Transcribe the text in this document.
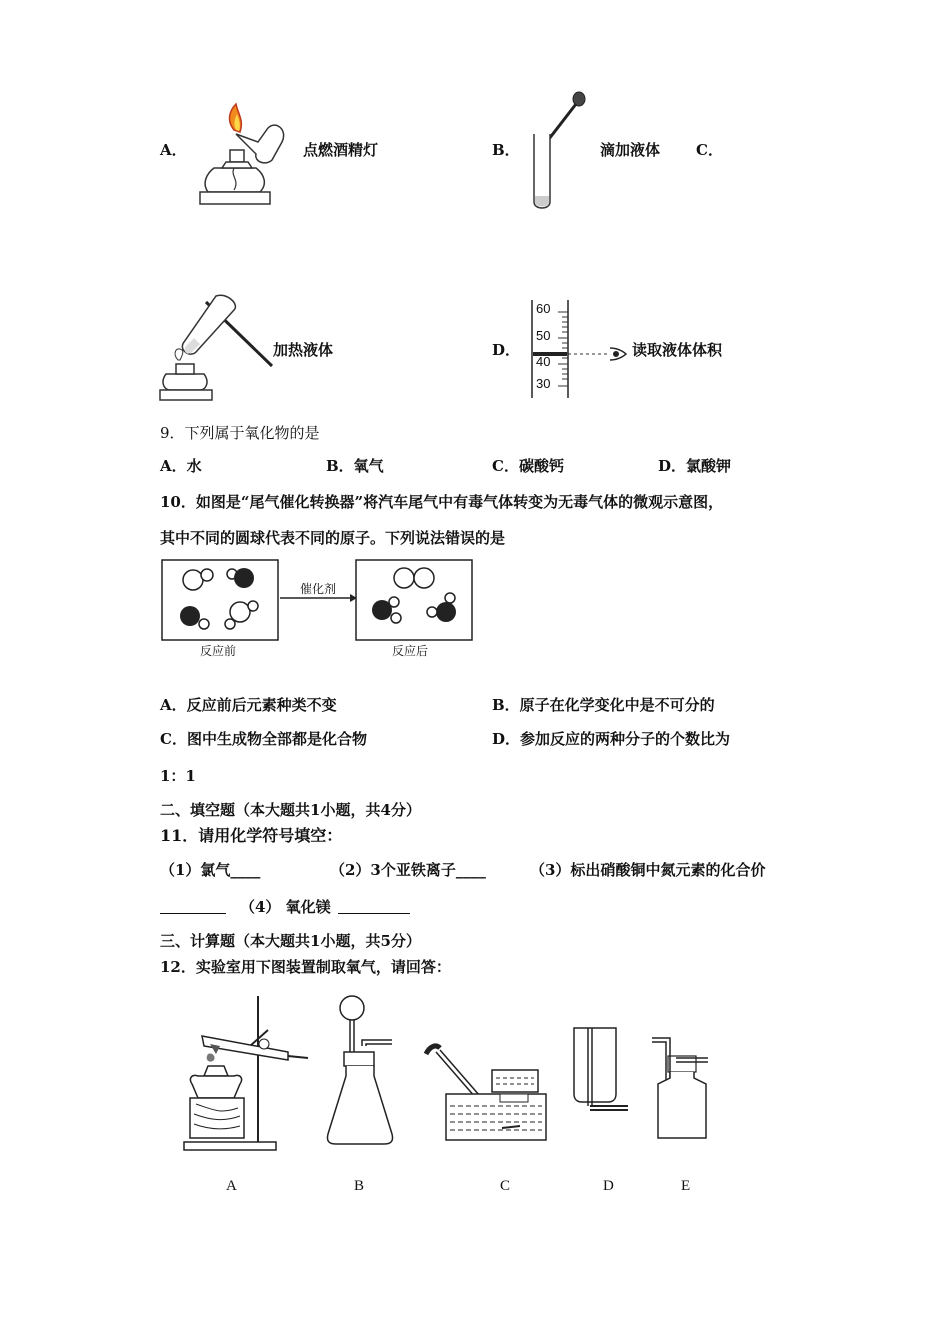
A．	点燃酒精灯	B．	滴加液体 C．
加热液体	D．
60
50
40
30
读取液体体积
9．下列属于氧化物的是
A．水	B．氧气	C．碳酸钙	D．氯酸钾
10．如图是“尾气催化转换器”将汽车尾气中有毒气体转变为无毒气体的微观示意图，
其中不同的圆球代表不同的原子。下列说法错误的是
催化剂
反应前	反应后
A．反应前后元素种类不变	B．原子在化学变化中是不可分的
C．图中生成物全部都是化合物	D．参加反应的两种分子的个数比为
1：1
二、填空题（本大题共1小题，共4分）
11．请用化学符号填空：
（1）氯气____	（2）3个亚铁离子____	（3）标出硝酸铜中氮元素的化合价
（4） 氧化镁
三、计算题（本大题共1小题，共5分）
12．实验室用下图装置制取氧气，请回答：
A	B	C	D	E
